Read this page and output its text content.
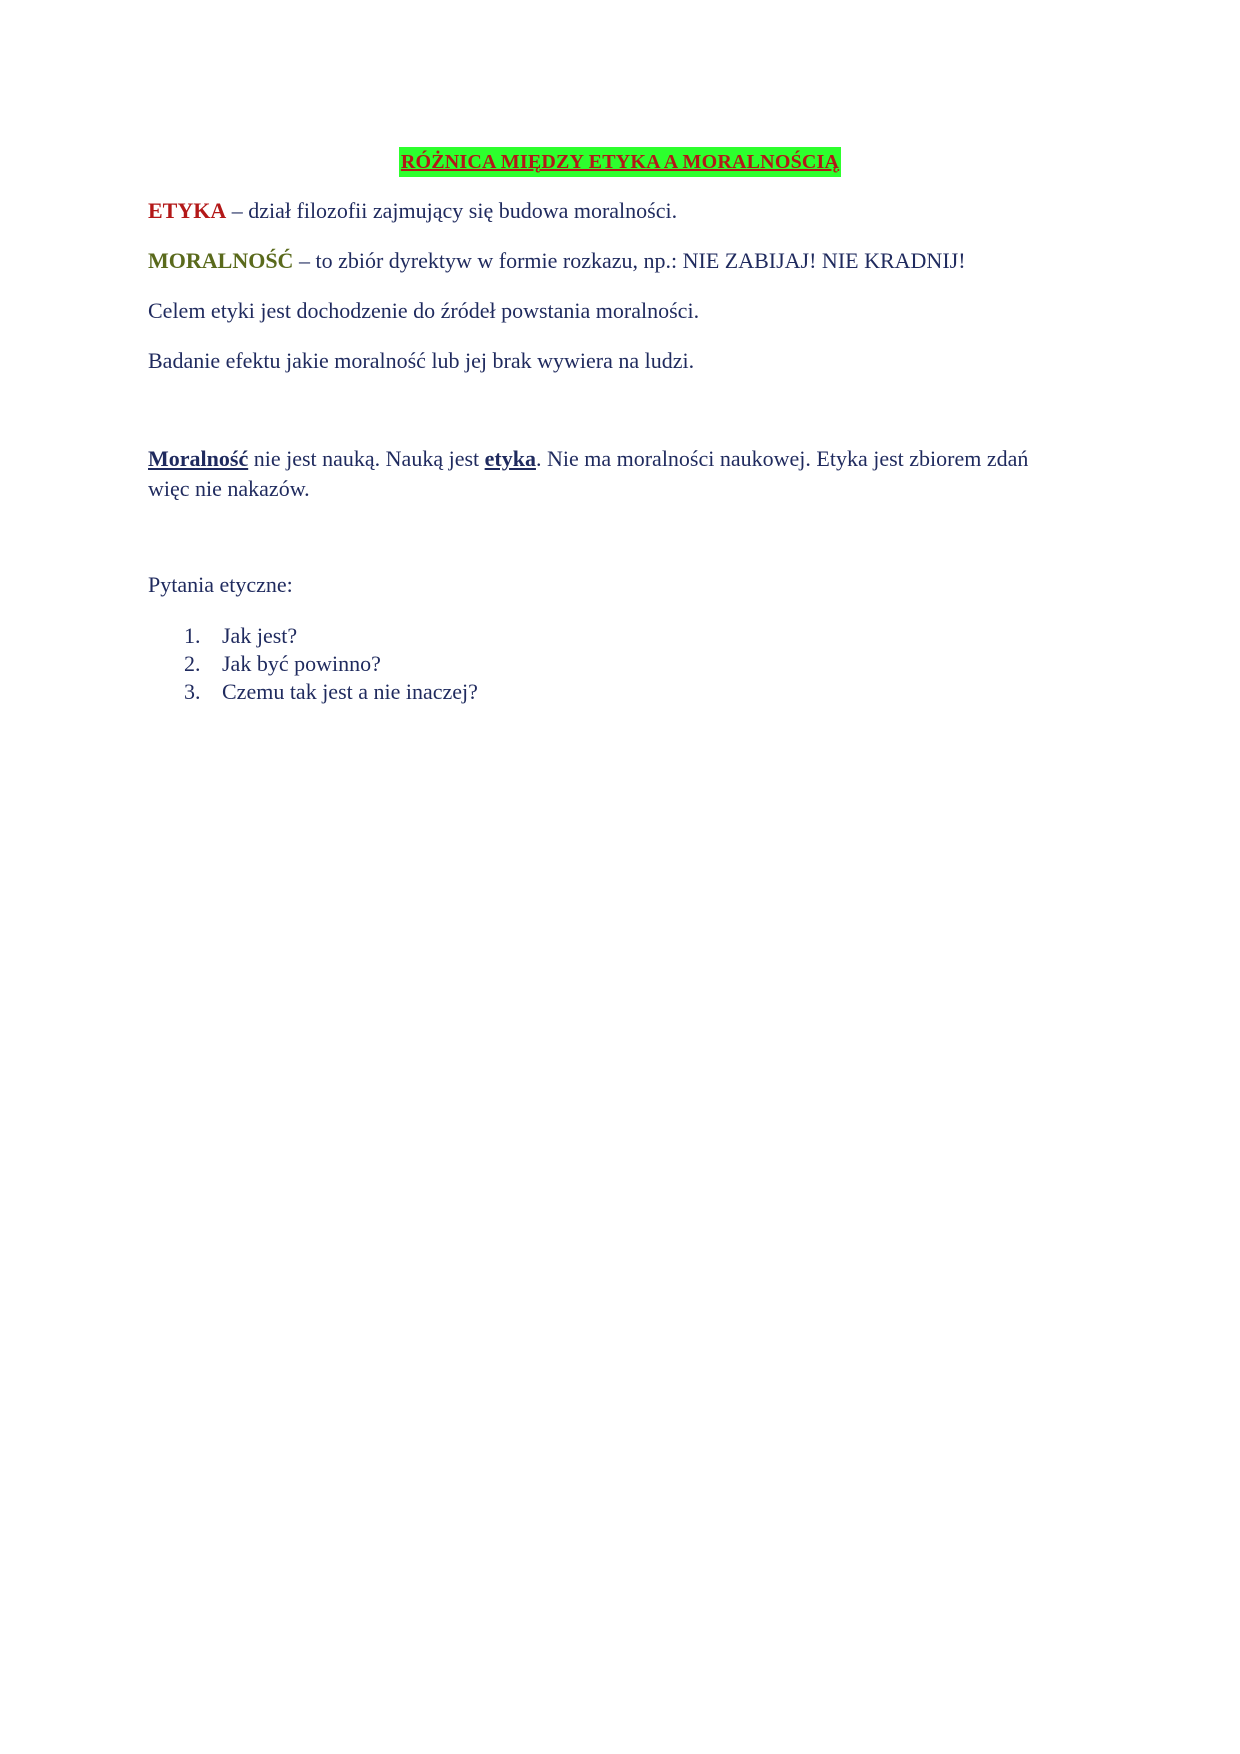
RÓŻNICA MIĘDZY ETYKA A MORALNOŚCIĄ
ETYKA – dział filozofii zajmujący się budowa moralności.
MORALNOŚĆ – to zbiór dyrektyw w formie rozkazu, np.: NIE ZABIJAJ! NIE KRADNIJ!
Celem etyki jest dochodzenie do źródeł powstania moralności.
Badanie efektu jakie moralność lub jej brak wywiera na ludzi.
Moralność nie jest nauką. Nauką jest etyka. Nie ma moralności naukowej. Etyka jest zbiorem zdań więc nie nakazów.
Pytania etyczne:
1. Jak jest?
2. Jak być powinno?
3. Czemu tak jest a nie inaczej?
